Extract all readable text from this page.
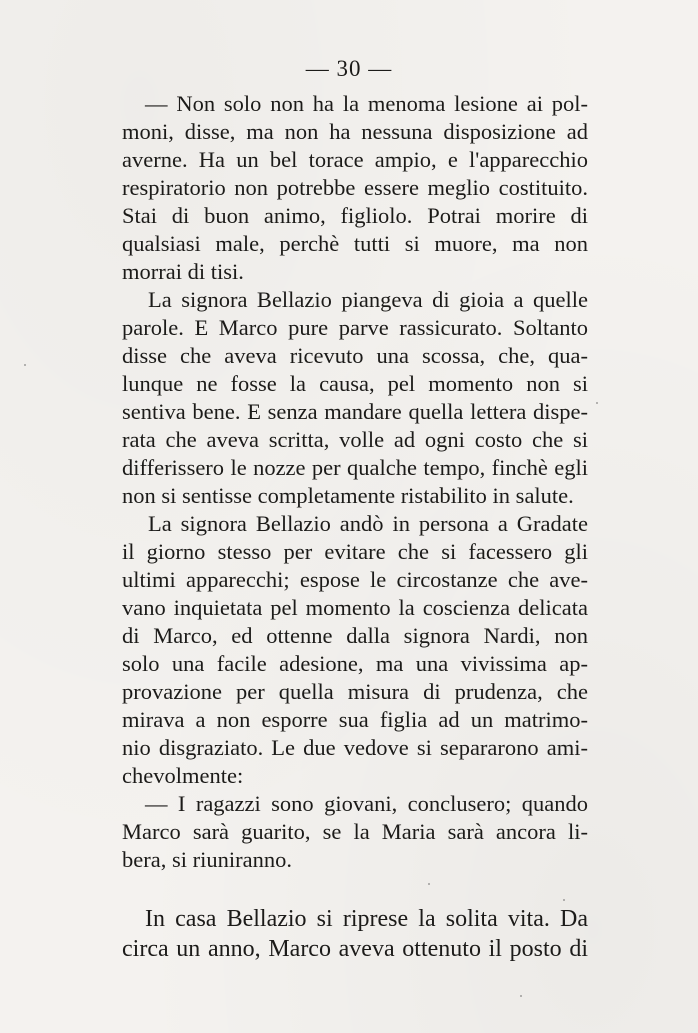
— 30 —
— Non solo non ha la menoma lesione ai pol-
moni, disse, ma non ha nessuna disposizione ad
averne. Ha un bel torace ampio, e l'apparecchio
respiratorio non potrebbe essere meglio costituito.
Stai di buon animo, figliolo. Potrai morire di
qualsiasi male, perchè tutti si muore, ma non
morrai di tisi.
La signora Bellazio piangeva di gioia a quelle
parole. E Marco pure parve rassicurato. Soltanto
disse che aveva ricevuto una scossa, che, qua-
lunque ne fosse la causa, pel momento non si
sentiva bene. E senza mandare quella lettera dispe-
rata che aveva scritta, volle ad ogni costo che si
differissero le nozze per qualche tempo, finchè egli
non si sentisse completamente ristabilito in salute.
La signora Bellazio andò in persona a Gradate
il giorno stesso per evitare che si facessero gli
ultimi apparecchi; espose le circostanze che ave-
vano inquietata pel momento la coscienza delicata
di Marco, ed ottenne dalla signora Nardi, non
solo una facile adesione, ma una vivissima ap-
provazione per quella misura di prudenza, che
mirava a non esporre sua figlia ad un matrimo-
nio disgraziato. Le due vedove si separarono ami-
chevolmente:
— I ragazzi sono giovani, conclusero; quando
Marco sarà guarito, se la Maria sarà ancora li-
bera, si riuniranno.
In casa Bellazio si riprese la solita vita. Da
circa un anno, Marco aveva ottenuto il posto di
